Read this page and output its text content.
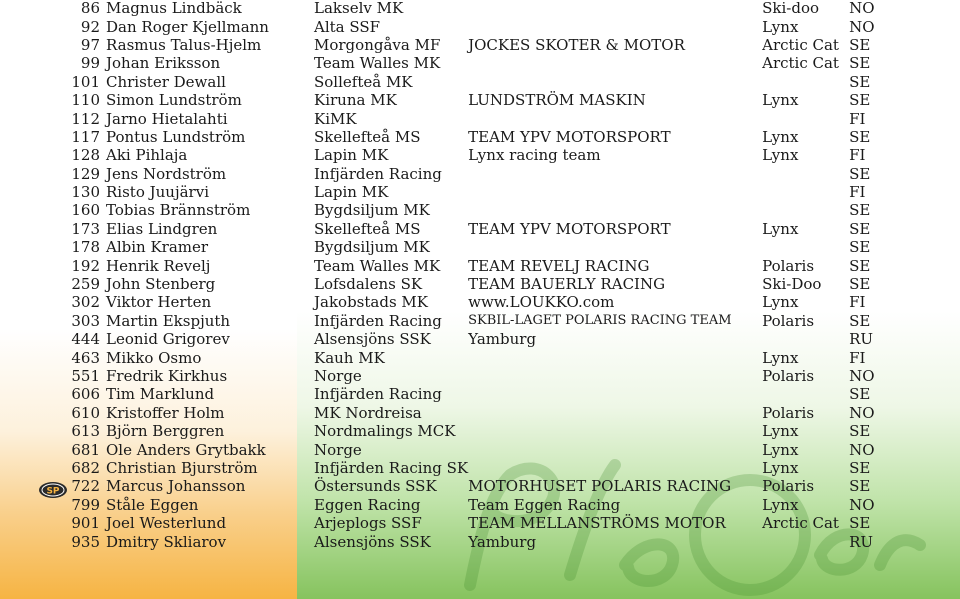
SP
86	Magnus Lindbäck	Lakselv MK		Ski-doo	NO
92	Dan Roger Kjellmann	Alta SSF		Lynx	NO
97	Rasmus Talus-Hjelm	Morgongåva MF	JOCKES SKOTER & MOTOR	Arctic Cat	SE
99	Johan Eriksson	Team Walles MK		Arctic Cat	SE
101	Christer Dewall	Sollefteå MK			SE
110	Simon Lundström	Kiruna MK	LUNDSTRÖM MASKIN	Lynx	SE
112	Jarno Hietalahti	KiMK			FI
117	Pontus Lundström	Skellefteå MS	TEAM YPV MOTORSPORT	Lynx	SE
128	Aki Pihlaja	Lapin MK	Lynx racing team	Lynx	FI
129	Jens Nordström	Infjärden Racing			SE
130	Risto Juujärvi	Lapin MK			FI
160	Tobias Brännström	Bygdsiljum MK			SE
173	Elias Lindgren	Skellefteå MS	TEAM YPV MOTORSPORT	Lynx	SE
178	Albin Kramer	Bygdsiljum MK			SE
192	Henrik Revelj	Team Walles MK	TEAM REVELJ RACING	Polaris	SE
259	John Stenberg	Lofsdalens SK	TEAM BAUERLY RACING	Ski-Doo	SE
302	Viktor Herten	Jakobstads MK	www.LOUKKO.com	Lynx	FI
303	Martin Ekspjuth	Infjärden Racing	SKBIL-LAGET POLARIS RACING TEAM	Polaris	SE
444	Leonid Grigorev	Alsensjöns SSK	Yamburg		RU
463	Mikko Osmo	Kauh MK		Lynx	FI
551	Fredrik Kirkhus	Norge		Polaris	NO
606	Tim Marklund	Infjärden Racing			SE
610	Kristoffer Holm	MK Nordreisa		Polaris	NO
613	Björn Berggren	Nordmalings MCK		Lynx	SE
681	Ole Anders Grytbakk	Norge		Lynx	NO
682	Christian Bjurström	Infjärden Racing SK		Lynx	SE
722	Marcus Johansson	Östersunds SSK	MOTORHUSET POLARIS RACING	Polaris	SE
799	Ståle Eggen	Eggen Racing	Team Eggen Racing	Lynx	NO
901	Joel Westerlund	Arjeplogs SSF	TEAM MELLANSTRÖMS MOTOR	Arctic Cat	SE
935	Dmitry Skliarov	Alsensjöns SSK	Yamburg		RU
